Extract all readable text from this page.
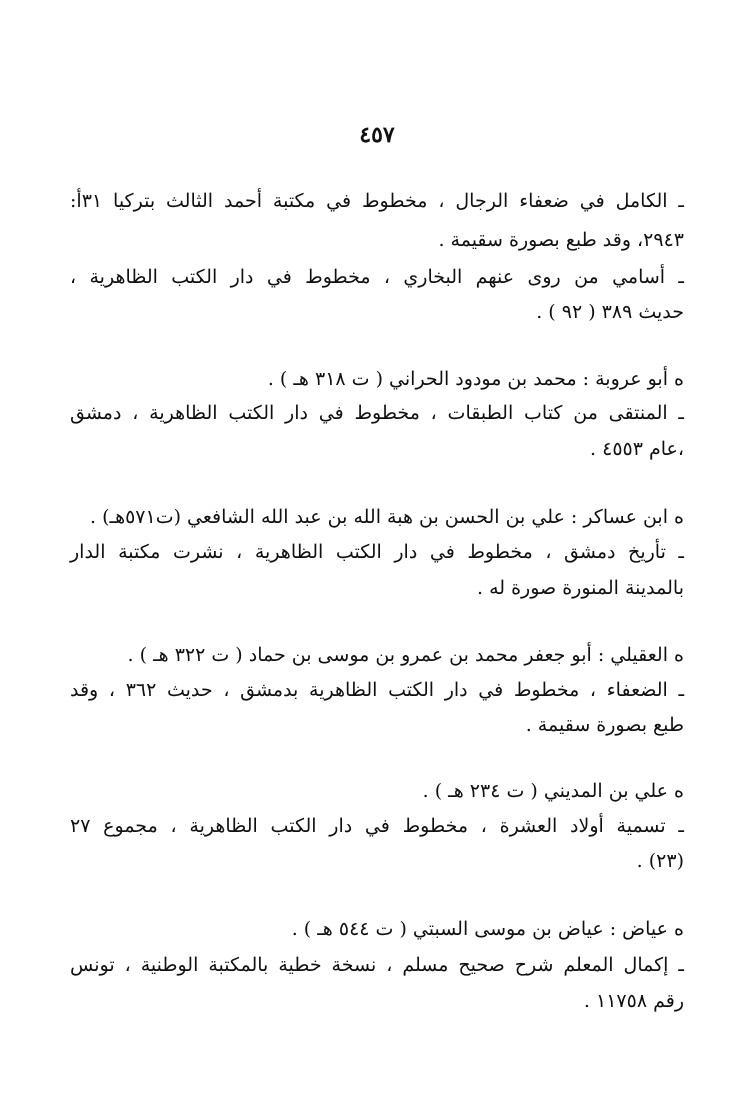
٤٥٧
ـ الكامل في ضعفاء الرجال ، مخطوط في مكتبة أحمد الثالث بتركيا ٣١أ:
٢٩٤٣، وقد طبع بصورة سقيمة .
ـ أسامي من روى عنهم البخاري ، مخطوط في دار الكتب الظاهرية ،
حديث ٣٨٩ ( ٩٢ ) .
ه أبو عروبة : محمد بن مودود الحراني ( ت ٣١٨ هـ ) .
ـ المنتقى من كتاب الطبقات ، مخطوط في دار الكتب الظاهرية ، دمشق
،عام ٤٥٥٣ .
ه ابن عساكر : علي بن الحسن بن هبة الله بن عبد الله الشافعي (ت٥٧١هـ) .
ـ تأريخ دمشق ، مخطوط في دار الكتب الظاهرية ، نشرت مكتبة الدار
بالمدينة المنورة صورة له .
ه العقيلي : أبو جعفر محمد بن عمرو بن موسى بن حماد ( ت ٣٢٢ هـ ) .
ـ الضعفاء ، مخطوط في دار الكتب الظاهرية بدمشق ، حديث ٣٦٢ ، وقد
طبع بصورة سقيمة .
ه علي بن المديني ( ت ٢٣٤ هـ ) .
ـ تسمية أولاد العشرة ، مخطوط في دار الكتب الظاهرية ، مجموع ٢٧
(٢٣) .
ه عياض : عياض بن موسى السبتي ( ت ٥٤٤ هـ ) .
ـ إكمال المعلم شرح صحيح مسلم ، نسخة خطية بالمكتبة الوطنية ، تونس
رقم ١١٧٥٨ .
